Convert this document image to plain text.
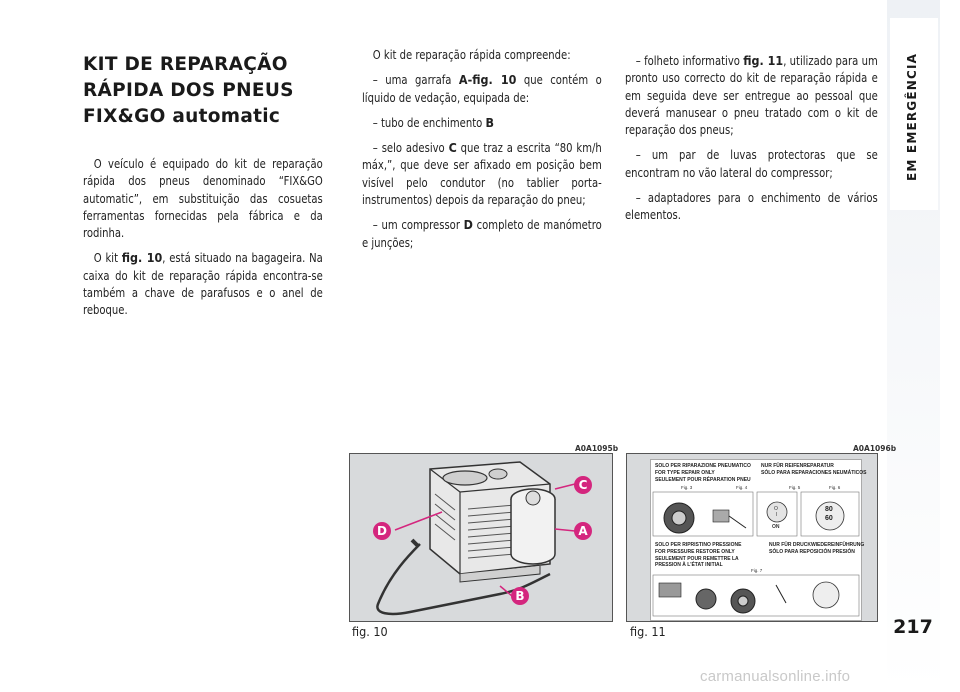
EM EMERGÊNCIA
217
KIT DE REPARAÇÃO
RÁPIDA DOS PNEUS
FIX&GO automatic

O veículo é equipado do kit de reparação rápida dos pneus denominado “FIX&GO automatic”, em substituição das cosuetas ferramentas fornecidas pela fábrica e da rodinha.

O kit fig. 10, está situado na bagageira. Na caixa do kit de reparação rápida encontra-se também a chave de parafusos e o anel de reboque.

O kit de reparação rápida compreende:

– uma garrafa A-fig. 10 que contém o líquido de vedação, equipada de:

– tubo de enchimento B

– selo adesivo C que traz a escrita “80 km/h máx,”, que deve ser afixado em posição bem visível pelo condutor (no tablier porta-instrumentos) depois da reparação do pneu;

– um compressor D completo de manómetro e junções;

– folheto informativo fig. 11, utilizado para um pronto uso correcto do kit de reparação rápida e em seguida deve ser entregue ao pessoal que deverá manusear o pneu tratado com o kit de reparação dos pneus;

– um par de luvas protectoras que se encontram no vão lateral do compressor;

– adaptadores para o enchimento de vários elementos.

A0A1095b
C
A
D
B
fig. 10
A0A1096b
SOLO PER RIPARAZIONE PNEUMATICO
FOR TYPE REPAIR ONLY
SEULEMENT POUR RÉPARATION PNEU
NUR FÜR REIFENREPARATUR
SÓLO PARA REPARACIONES NEUMÁTICOS
Fig. 3	Fig. 4	Fig. 5	Fig. 6
O
I
ON
80
60
SOLO PER RIPRISTINO PRESSIONE
FOR PRESSURE RESTORE ONLY
SEULEMENT POUR REMETTRE LA PRESSION À L'ÉTAT INITIAL
NUR FÜR DRUCKWIEDEREINFÜHRUNG
SÓLO PARA REPOSICIÓN PRESIÓN
Fig. 7
fig. 11
carmanualsonline.info
